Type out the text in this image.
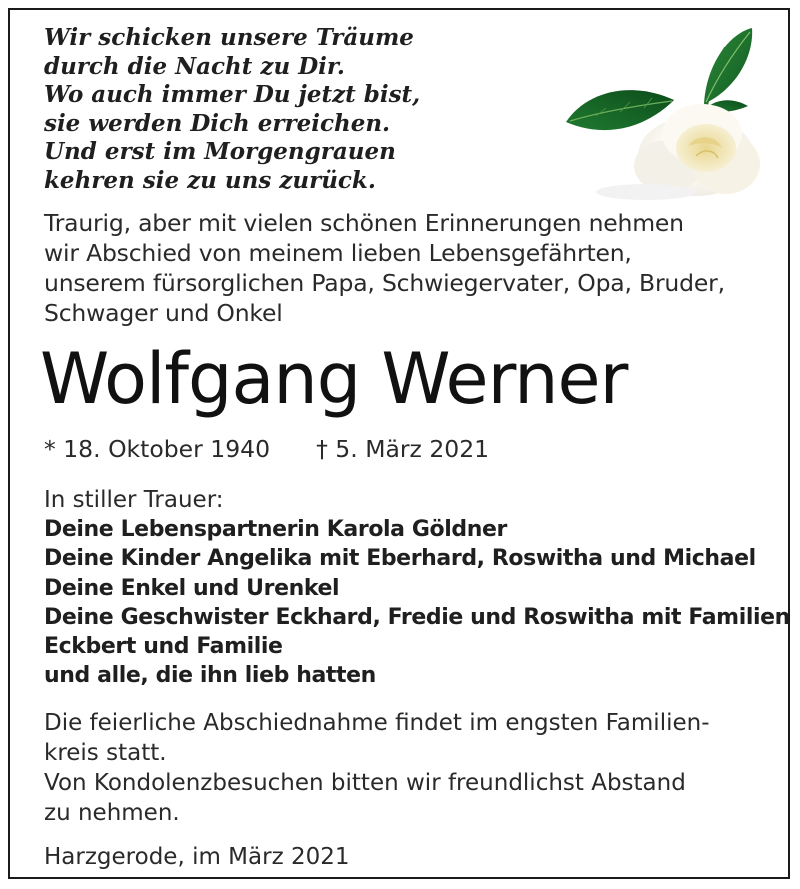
Wir schicken unsere Träume
durch die Nacht zu Dir.
Wo auch immer Du jetzt bist,
sie werden Dich erreichen.
Und erst im Morgengrauen
kehren sie zu uns zurück.
Traurig, aber mit vielen schönen Erinnerungen nehmen
wir Abschied von meinem lieben Lebensgefährten,
unserem fürsorglichen Papa, Schwiegervater, Opa, Bruder,
Schwager und Onkel
Wolfgang Werner
* 18. Oktober 1940 † 5. März 2021
In stiller Trauer:
Deine Lebenspartnerin Karola Göldner
Deine Kinder Angelika mit Eberhard, Roswitha und Michael
Deine Enkel und Urenkel
Deine Geschwister Eckhard, Fredie und Roswitha mit Familien
Eckbert und Familie
und alle, die ihn lieb hatten
Die feierliche Abschiednahme findet im engsten Familien-
kreis statt.
Von Kondolenzbesuchen bitten wir freundlichst Abstand
zu nehmen.
Harzgerode, im März 2021
